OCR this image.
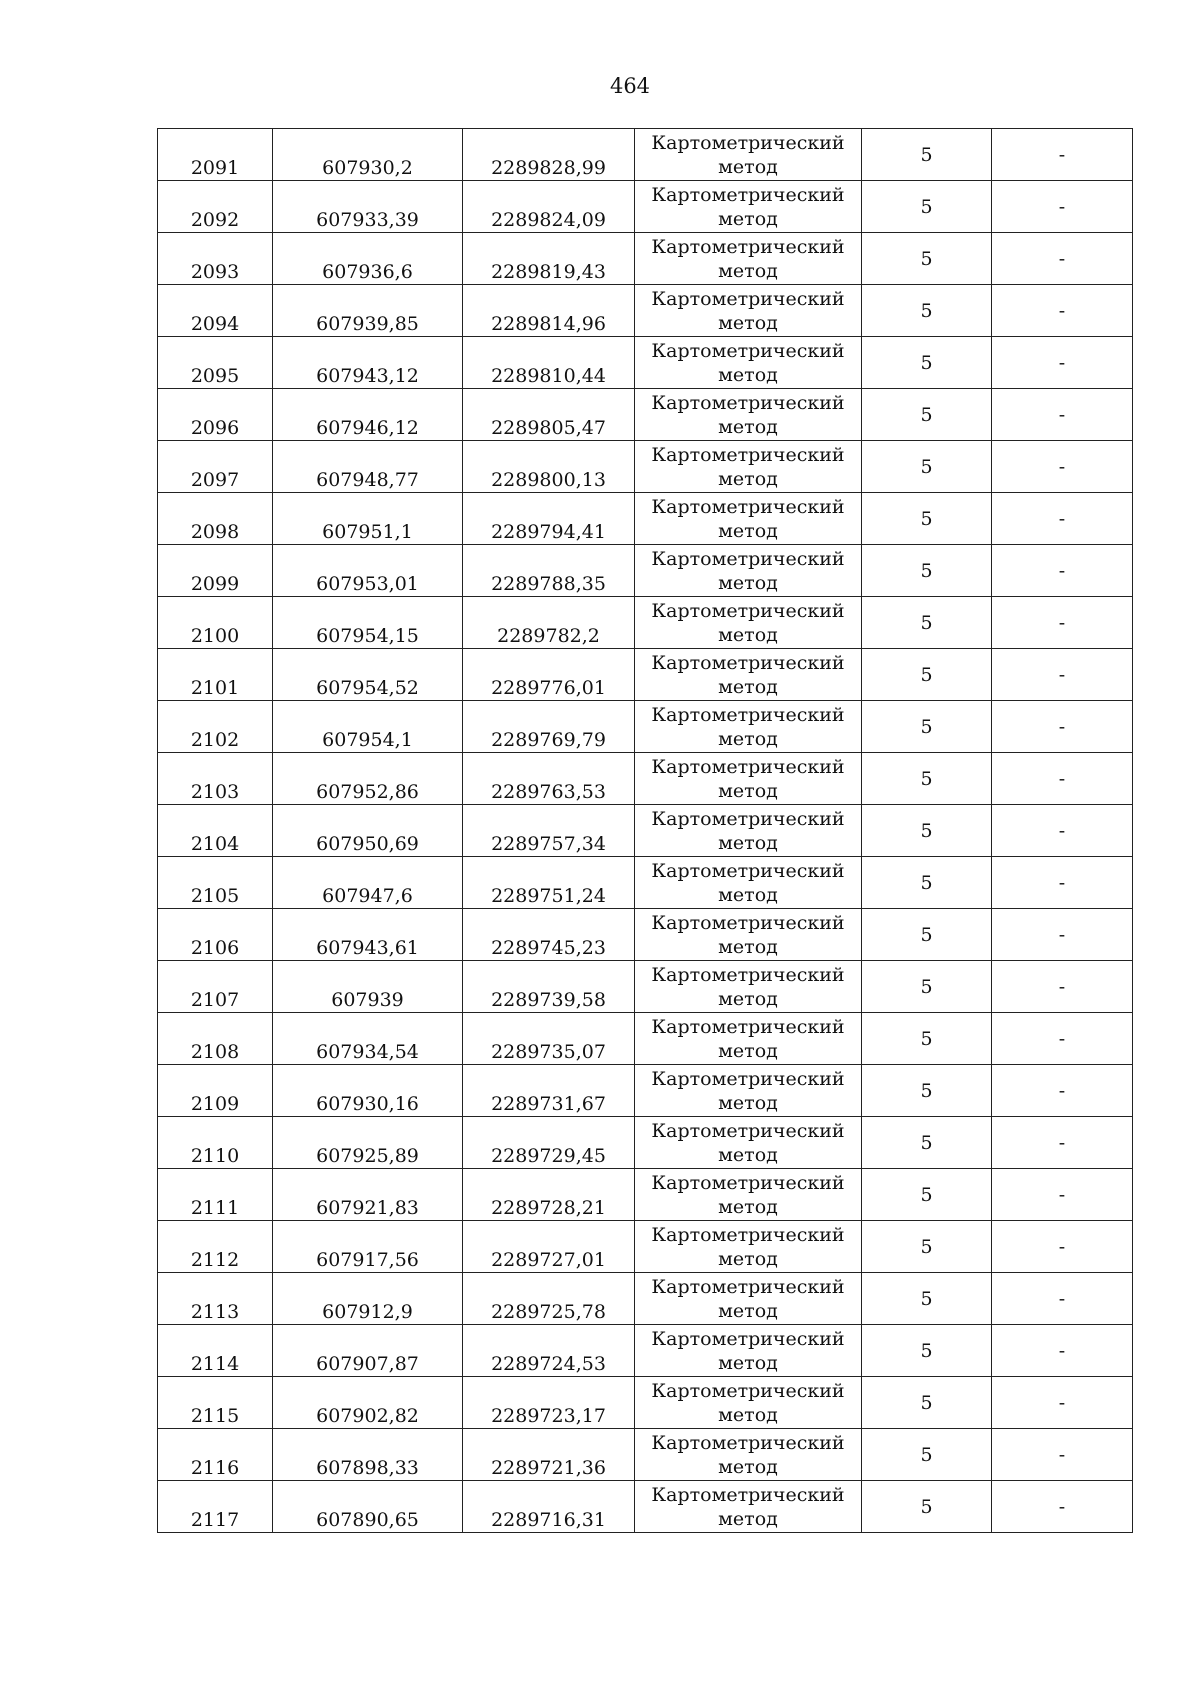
464
2091	607930,2	2289828,99	Картометрический
метод	5	-
2092	607933,39	2289824,09	Картометрический
метод	5	-
2093	607936,6	2289819,43	Картометрический
метод	5	-
2094	607939,85	2289814,96	Картометрический
метод	5	-
2095	607943,12	2289810,44	Картометрический
метод	5	-
2096	607946,12	2289805,47	Картометрический
метод	5	-
2097	607948,77	2289800,13	Картометрический
метод	5	-
2098	607951,1	2289794,41	Картометрический
метод	5	-
2099	607953,01	2289788,35	Картометрический
метод	5	-
2100	607954,15	2289782,2	Картометрический
метод	5	-
2101	607954,52	2289776,01	Картометрический
метод	5	-
2102	607954,1	2289769,79	Картометрический
метод	5	-
2103	607952,86	2289763,53	Картометрический
метод	5	-
2104	607950,69	2289757,34	Картометрический
метод	5	-
2105	607947,6	2289751,24	Картометрический
метод	5	-
2106	607943,61	2289745,23	Картометрический
метод	5	-
2107	607939	2289739,58	Картометрический
метод	5	-
2108	607934,54	2289735,07	Картометрический
метод	5	-
2109	607930,16	2289731,67	Картометрический
метод	5	-
2110	607925,89	2289729,45	Картометрический
метод	5	-
2111	607921,83	2289728,21	Картометрический
метод	5	-
2112	607917,56	2289727,01	Картометрический
метод	5	-
2113	607912,9	2289725,78	Картометрический
метод	5	-
2114	607907,87	2289724,53	Картометрический
метод	5	-
2115	607902,82	2289723,17	Картометрический
метод	5	-
2116	607898,33	2289721,36	Картометрический
метод	5	-
2117	607890,65	2289716,31	Картометрический
метод	5	-
